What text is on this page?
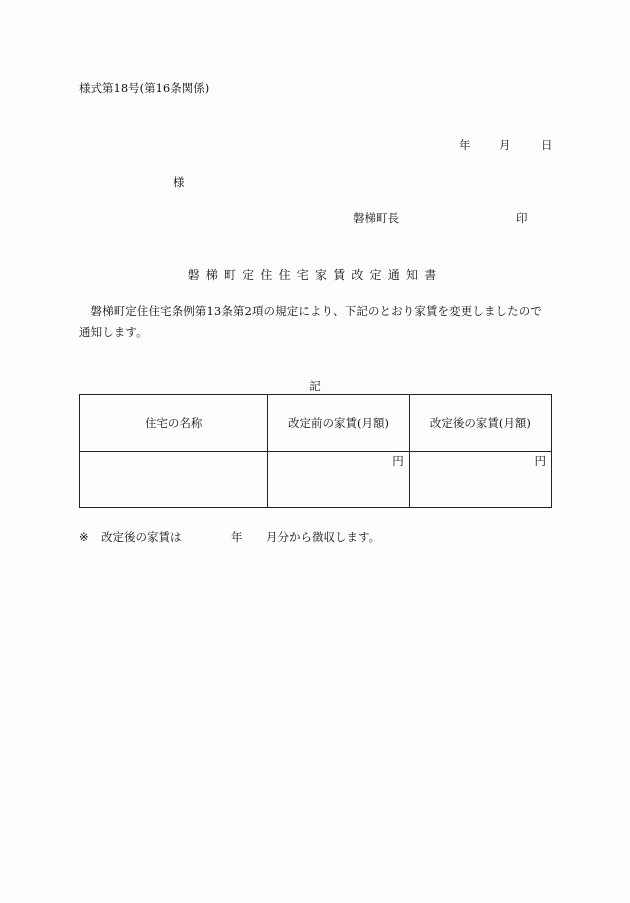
様式第18号(第16条関係)
年 月	日
様
磐梯町長	印
磐梯町定住住宅家賃改定通知書
磐梯町定住住宅条例第13条第2項の規定により、下記のとおり家賃を変更しましたので通知します。
記
住宅の名称	改定前の家賃(月額)	改定後の家賃(月額)

	円	円
※ 改定後の家賃は	年 月分から徴収します。
